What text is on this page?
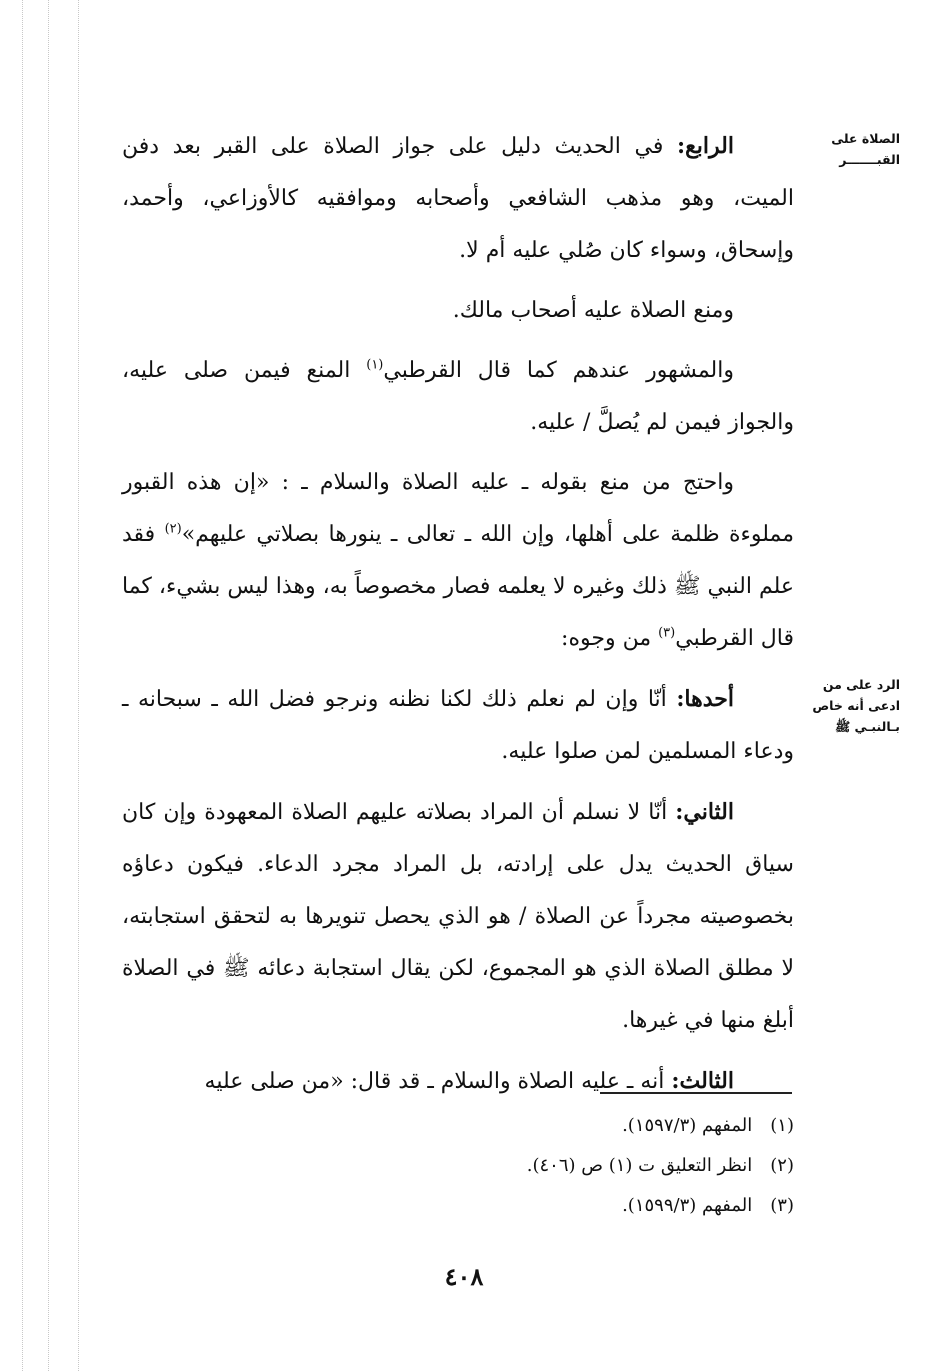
الصلاة على
القبـــــــر
الرد على من
ادعى أنه خاص
بـالنبـي ﷺ

الرابع: في الحديث دليل على جواز الصلاة على القبر بعد دفن الميت، وهو مذهب الشافعي وأصحابه وموافقيه كالأوزاعي، وأحمد، وإسحاق، وسواء كان صُلي عليه أم لا.

ومنع الصلاة عليه أصحاب مالك.

والمشهور عندهم كما قال القرطبي$^{(١)}$ المنع فيمن صلى عليه، والجواز فيمن لم يُصلَّ / عليه.

واحتج من منع بقوله ـ عليه الصلاة والسلام ـ : «إن هذه القبور مملوءة ظلمة على أهلها، وإن الله ـ تعالى ـ ينورها بصلاتي عليهم»$^{(٢)}$ فقد علم النبي ﷺ ذلك وغيره لا يعلمه فصار مخصوصاً به، وهذا ليس بشيء، كما قال القرطبي$^{(٣)}$ من وجوه:

أحدها: أنّا وإن لم نعلم ذلك لكنا نظنه ونرجو فضل الله ـ سبحانه ـ ودعاء المسلمين لمن صلوا عليه.

الثاني: أنّا لا نسلم أن المراد بصلاته عليهم الصلاة المعهودة وإن كان سياق الحديث يدل على إرادته، بل المراد مجرد الدعاء. فيكون دعاؤه بخصوصيته مجرداً عن الصلاة / هو الذي يحصل تنويرها به لتحقق استجابته، لا مطلق الصلاة الذي هو المجموع، لكن يقال استجابة دعائه ﷺ في الصلاة أبلغ منها في غيرها.

الثالث: أنه ـ عليه الصلاة والسلام ـ قد قال: «من صلى عليه

(١)المفهم (١٥٩٧/٣).
(٢)انظر التعليق ت (١) ص (٤٠٦).
(٣)المفهم (١٥٩٩/٣).
٤٠٨
